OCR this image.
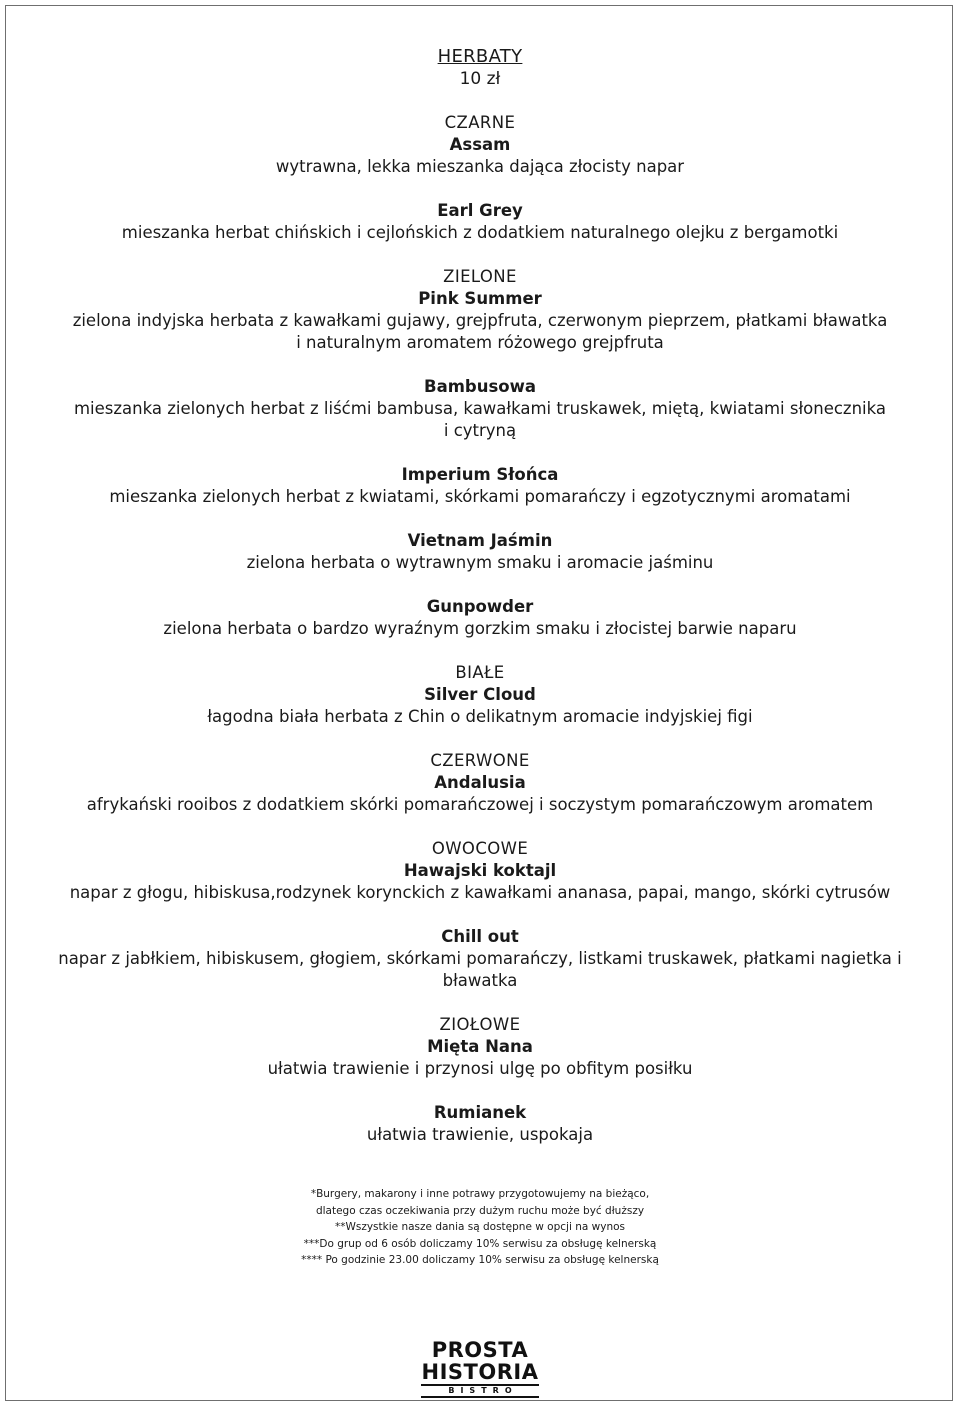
HERBATY
10 zł
CZARNE
Assam
wytrawna, lekka mieszanka dająca złocisty napar
Earl Grey
mieszanka herbat chińskich i cejlońskich z dodatkiem naturalnego olejku z bergamotki
ZIELONE
Pink Summer
zielona indyjska herbata z kawałkami gujawy, grejpfruta, czerwonym pieprzem, płatkami bławatka
i naturalnym aromatem różowego grejpfruta
Bambusowa
mieszanka zielonych herbat z liśćmi bambusa, kawałkami truskawek, miętą, kwiatami słonecznika
i cytryną
Imperium Słońca
mieszanka zielonych herbat z kwiatami, skórkami pomarańczy i egzotycznymi aromatami
Vietnam Jaśmin
zielona herbata o wytrawnym smaku i aromacie jaśminu
Gunpowder
zielona herbata o bardzo wyraźnym gorzkim smaku i złocistej barwie naparu
BIAŁE
Silver Cloud
łagodna biała herbata z Chin o delikatnym aromacie indyjskiej figi
CZERWONE
Andalusia
afrykański rooibos z dodatkiem skórki pomarańczowej i soczystym pomarańczowym aromatem
OWOCOWE
Hawajski koktajl
napar z głogu, hibiskusa,rodzynek korynckich z kawałkami ananasa, papai, mango, skórki cytrusów
Chill out
napar z jabłkiem, hibiskusem, głogiem, skórkami pomarańczy, listkami truskawek, płatkami nagietka i
bławatka
ZIOŁOWE
Mięta Nana
ułatwia trawienie i przynosi ulgę po obfitym posiłku
Rumianek
ułatwia trawienie, uspokaja
*Burgery, makarony i inne potrawy przygotowujemy na bieżąco,
dlatego czas oczekiwania przy dużym ruchu może być dłuższy
**Wszystkie nasze dania są dostępne w opcji na wynos
***Do grup od 6 osób doliczamy 10% serwisu za obsługę kelnerską
**** Po godzinie 23.00 doliczamy 10% serwisu za obsługę kelnerską
PROSTA
HISTORIA
BISTRO
